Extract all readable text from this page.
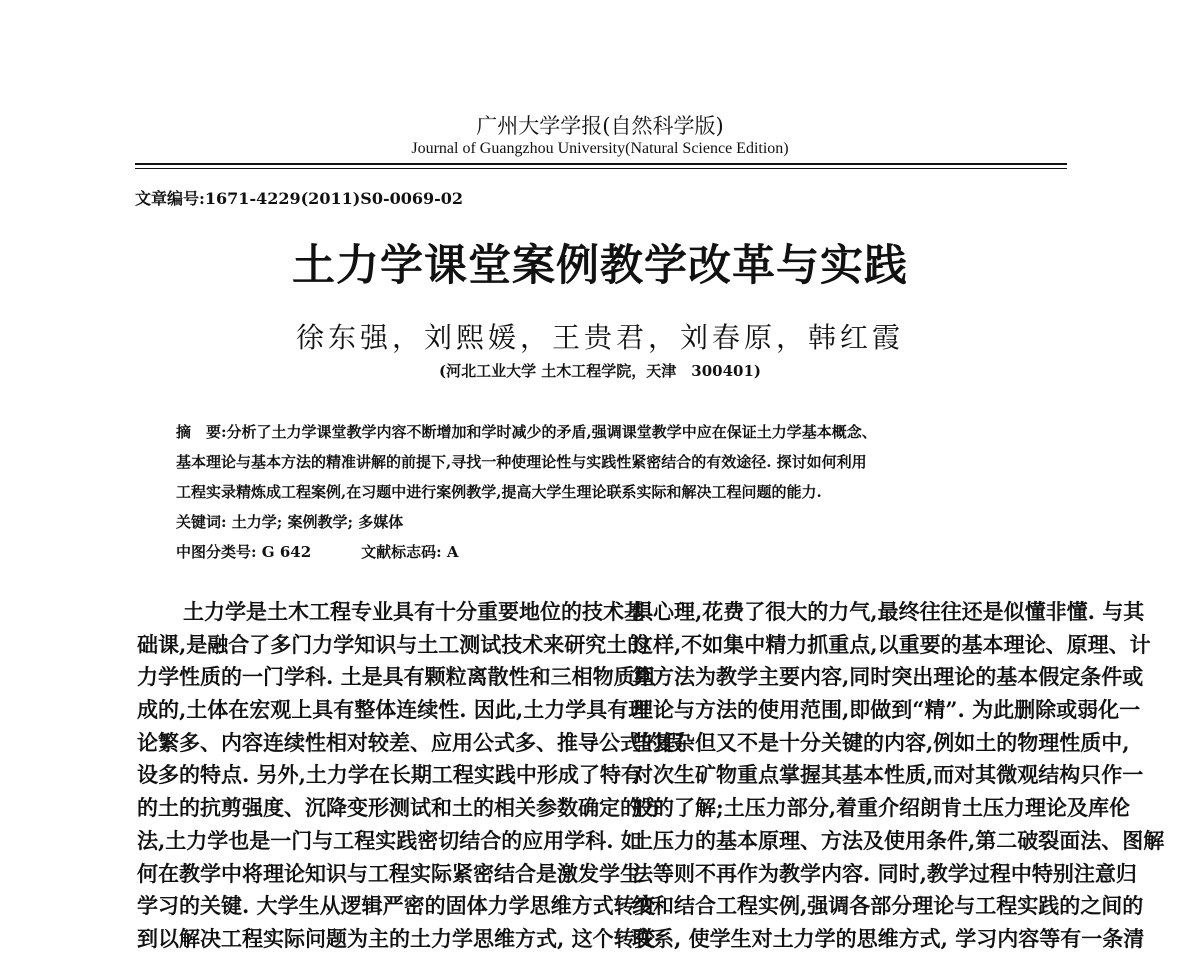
广州大学学报(自然科学版)
Journal of Guangzhou University(Natural Science Edition)
文章编号:1671-4229(2011)S0-0069-02
土力学课堂案例教学改革与实践
徐东强，刘熙媛，王贵君，刘春原，韩红霞
(河北工业大学 土木工程学院，天津　300401)
摘　要:分析了土力学课堂教学内容不断增加和学时减少的矛盾,强调课堂教学中应在保证土力学基本概念、
基本理论与基本方法的精准讲解的前提下,寻找一种使理论性与实践性紧密结合的有效途径. 探讨如何利用
工程实录精炼成工程案例,在习题中进行案例教学,提高大学生理论联系实际和解决工程问题的能力.
关键词: 土力学; 案例教学; 多媒体
中图分类号: G 642	文献标志码: A
土力学是土木工程专业具有十分重要地位的技术基
础课,是融合了多门力学知识与土工测试技术来研究土的
力学性质的一门学科. 土是具有颗粒离散性和三相物质组
成的,土体在宏观上具有整体连续性. 因此,土力学具有理
论繁多、内容连续性相对较差、应用公式多、推导公式的假
设多的特点. 另外,土力学在长期工程实践中形成了特有
的土的抗剪强度、沉降变形测试和土的相关参数确定的方
法,土力学也是一门与工程实践密切结合的应用学科. 如
何在教学中将理论知识与工程实际紧密结合是激发学生
学习的关键. 大学生从逻辑严密的固体力学思维方式转变
到以解决工程实际问题为主的土力学思维方式, 这个转变
惧心理,花费了很大的力气,最终往往还是似懂非懂. 与其
这样,不如集中精力抓重点,以重要的基本理论、原理、计
算方法为教学主要内容,同时突出理论的基本假定条件或
理论与方法的使用范围,即做到“精”. 为此删除或弱化一
些复杂但又不是十分关键的内容,例如土的物理性质中,
对次生矿物重点掌握其基本性质,而对其微观结构只作一
般的了解;土压力部分,着重介绍朗肯土压力理论及库伦
土压力的基本原理、方法及使用条件,第二破裂面法、图解
法等则不再作为教学内容. 同时,教学过程中特别注意归
纳和结合工程实例,强调各部分理论与工程实践的之间的
联系, 使学生对土力学的思维方式, 学习内容等有一条清
